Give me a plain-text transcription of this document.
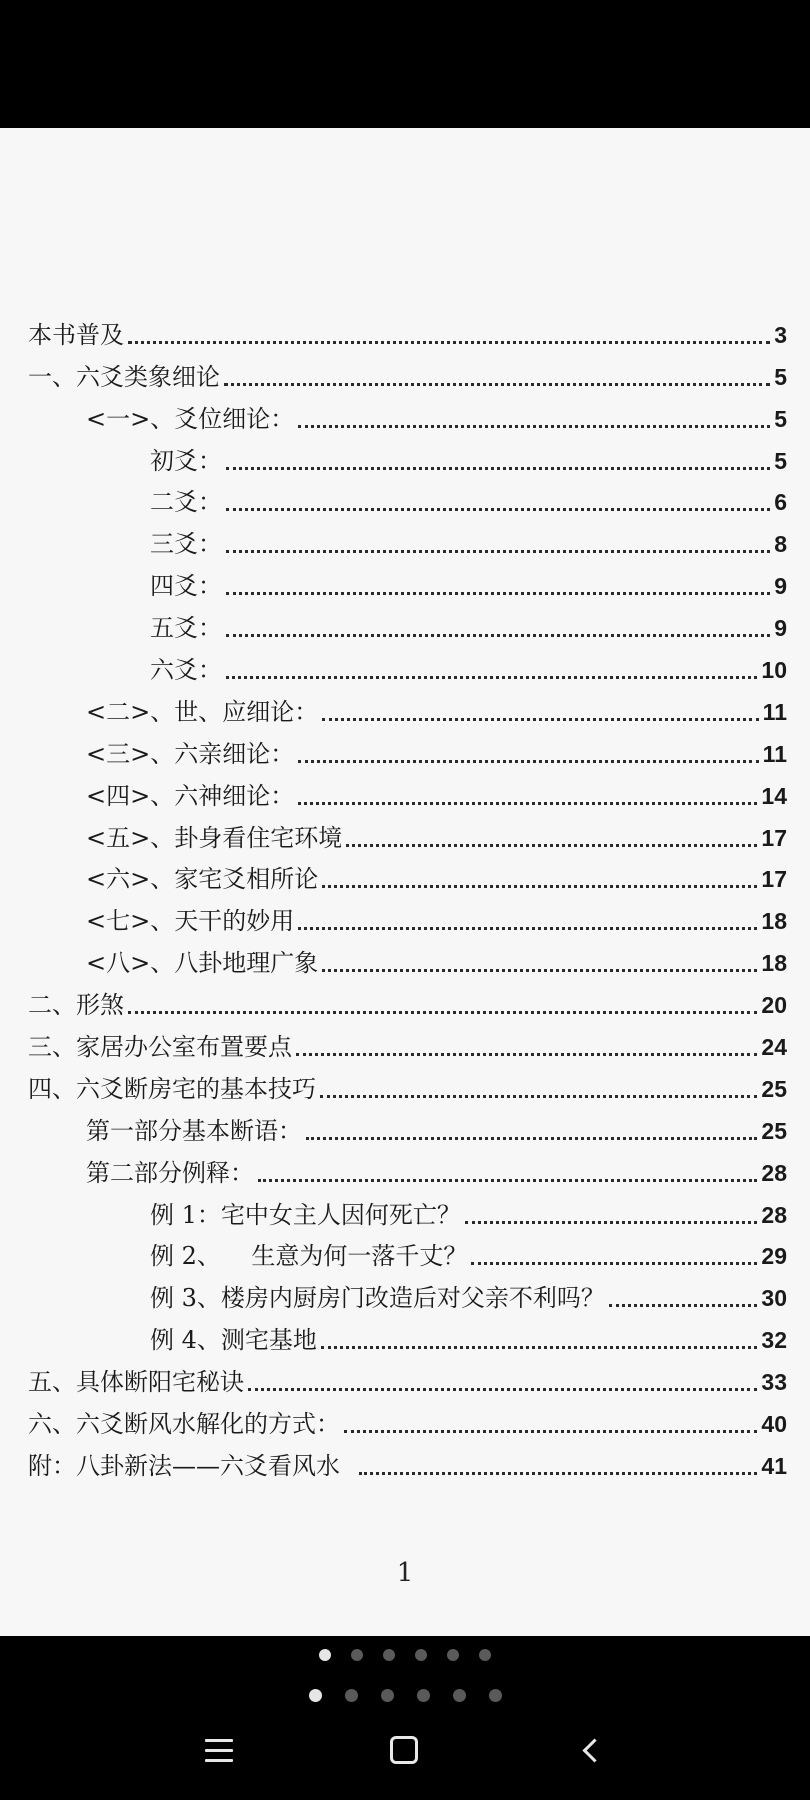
本书普及	3
一、六爻类象细论	5
<一>、爻位细论：	5
初爻：	5
二爻：	6
三爻：	8
四爻：	9
五爻：	9
六爻：	10
<二>、世、应细论：	11
<三>、六亲细论：	11
<四>、六神细论：	14
<五>、卦身看住宅环境	17
<六>、家宅爻相所论	17
<七>、天干的妙用	18
<八>、八卦地理广象	18
二、形煞	20
三、家居办公室布置要点	24
四、六爻断房宅的基本技巧	25
第一部分基本断语：	25
第二部分例释：	28
例 1：宅中女主人因何死亡？	28
例 2、    生意为何一落千丈？	29
例 3、楼房内厨房门改造后对父亲不利吗？	30
例 4、测宅基地	32
五、具体断阳宅秘诀	33
六、六爻断风水解化的方式：	40
附：八卦新法——六爻看风水	41
1
